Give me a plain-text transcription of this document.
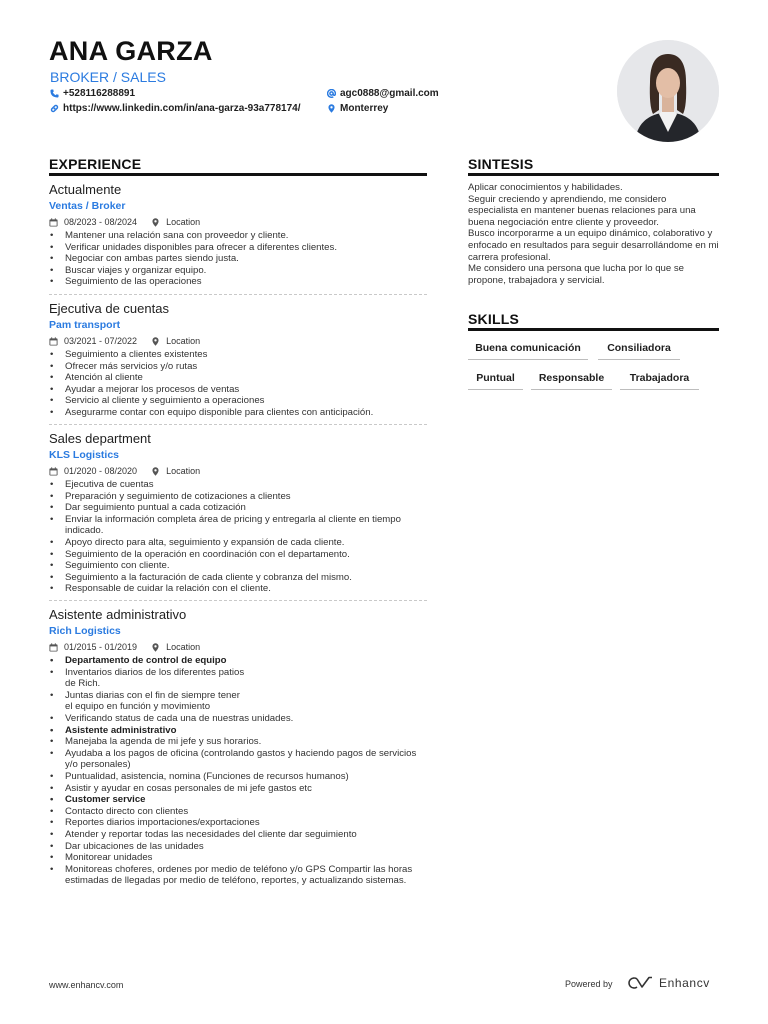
ANA GARZA
BROKER / SALES
+528116288891	agc0888@gmail.com
https://www.linkedin.com/in/ana-garza-93a778174/	Monterrey
EXPERIENCE	SINTESIS
SKILLS
Actualmente
Ventas / Broker
08/2023 - 08/2024	Location
• Mantener una relación sana con proveedor y cliente.
• Verificar unidades disponibles para ofrecer a diferentes clientes.
• Negociar con ambas partes siendo justa.
• Buscar viajes y organizar equipo.
• Seguimiento de las operaciones
Ejecutiva de cuentas
Pam transport
03/2021 - 07/2022	Location
• Seguimiento a clientes existentes
• Ofrecer más servicios y/o rutas
• Atención al cliente
• Ayudar a mejorar los procesos de ventas
• Servicio al cliente y seguimiento a operaciones
• Asegurarme contar con equipo disponible para clientes con anticipación.
Sales department
KLS Logistics
01/2020 - 08/2020	Location
• Ejecutiva de cuentas
• Preparación y seguimiento de cotizaciones a clientes
• Dar seguimiento puntual a cada cotización
• Enviar la información completa área de pricing y entregarla al cliente en tiempo indicado.
• Apoyo directo para alta, seguimiento y expansión de cada cliente.
• Seguimiento de la operación en coordinación con el departamento.
• Seguimiento con cliente.
• Seguimiento a la facturación de cada cliente y cobranza del mismo.
• Responsable de cuidar la relación con el cliente.
Asistente administrativo
Rich Logistics
01/2015 - 01/2019	Location
• Departamento de control de equipo
• Inventarios diarios de los diferentes patios
de Rich.
• Juntas diarias con el fin de siempre tener
el equipo en función y movimiento
• Verificando status de cada una de nuestras unidades.
• Asistente administrativo
• Manejaba la agenda de mi jefe y sus horarios.
• Ayudaba a los pagos de oficina (controlando gastos y haciendo pagos de servicios y/o personales)
• Puntualidad, asistencia, nomina (Funciones de recursos humanos)
• Asistir y ayudar en cosas personales de mi jefe gastos etc
• Customer service
• Contacto directo con clientes
• Reportes diarios importaciones/exportaciones
• Atender y reportar todas las necesidades del cliente dar seguimiento
• Dar ubicaciones de las unidades
• Monitorear unidades
• Monitoreas choferes, ordenes por medio de teléfono y/o GPS Compartir las horas estimadas de llegadas por medio de teléfono, reportes, y actualizando sistemas.

Aplicar conocimientos y habilidades.

Seguir creciendo y aprendiendo, me considero especialista en mantener buenas relaciones para una buena negociación entre cliente y proveedor.

Busco incorporarme a un equipo dinámico, colaborativo y enfocado en resultados para seguir desarrollándome en mi carrera profesional.

Me considero una persona que lucha por lo que se propone, trabajadora y servicial.

Buena comunicación	Consiliadora
Puntual	Responsable	Trabajadora
www.enhancv.com	Powered by	Enhancv
